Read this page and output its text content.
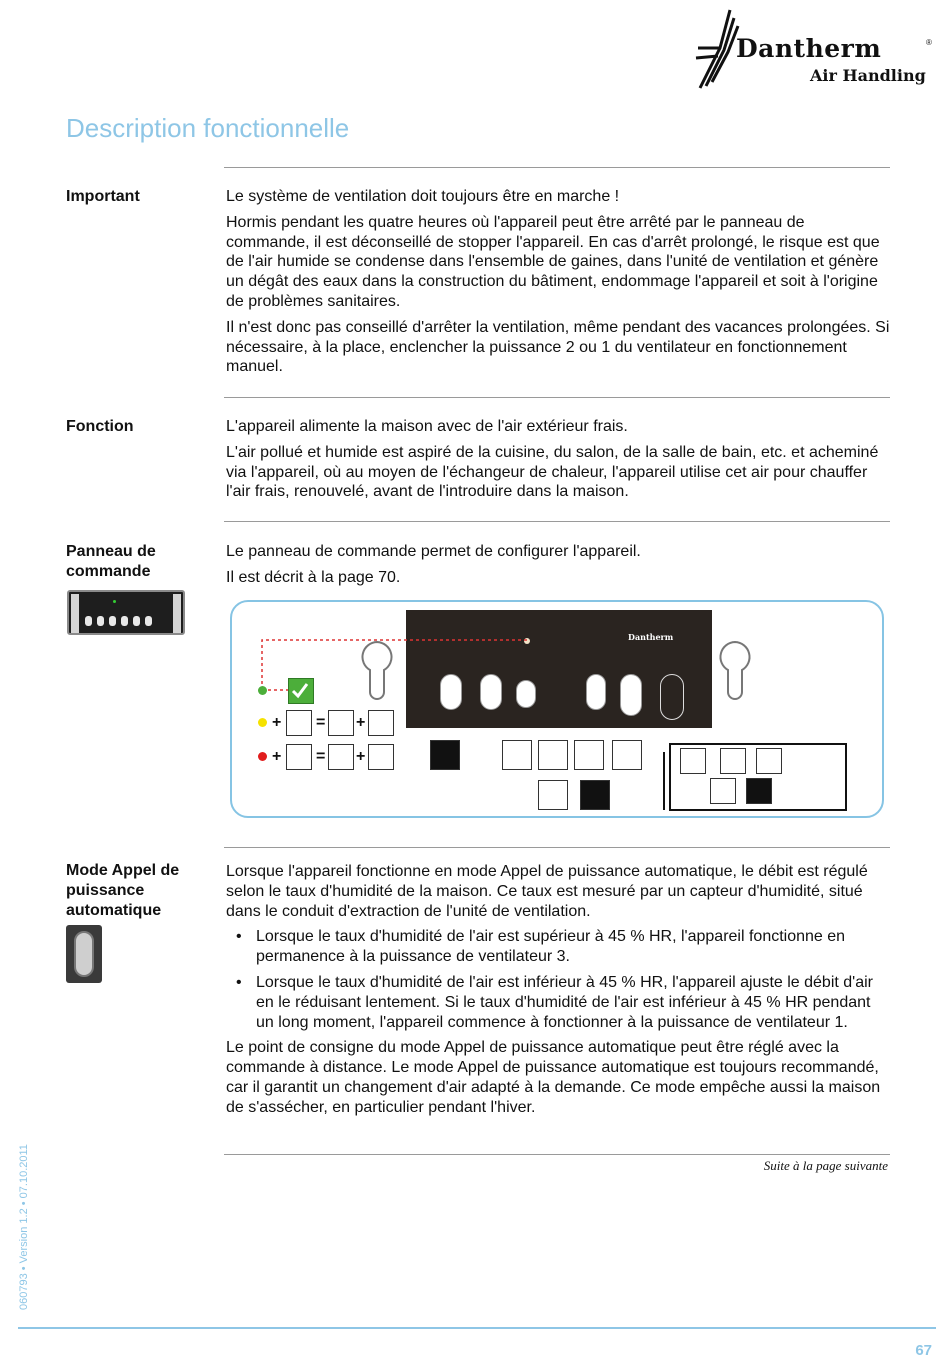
Dantherm	®
Air Handling
Description fonctionnelle
Important	Le système de ventilation doit toujours être en marche !

Hormis pendant les quatre heures où l'appareil peut être arrêté par le panneau de commande, il est déconseillé de stopper l'appareil. En cas d'arrêt prolongé, le risque est que de l'air humide se condense dans l'ensemble de gaines, dans l'unité de ventilation et génère un dégât des eaux dans la construction du bâtiment, endommage l'appareil et soit à l'origine de problèmes sanitaires.

Il n'est donc pas conseillé d'arrêter la ventilation, même pendant des vacances prolongées. Si nécessaire, à la place, enclencher la puissance 2 ou 1 du ventilateur en fonctionnement manuel.

Fonction	L'appareil alimente la maison avec de l'air extérieur frais.

L'air pollué et humide est aspiré de la cuisine, du salon, de la salle de bain, etc. et acheminé via l'appareil, où au moyen de l'échangeur de chaleur, l'appareil utilise cet air pour chauffer l'air frais, renouvelé, avant de l'introduire dans la maison.

Panneau de commande

Le panneau de commande permet de configurer l'appareil.

Il est décrit à la page 70.

Dantherm
+ = +
+ = +
Mode Appel de puissance automatique

Lorsque l'appareil fonctionne en mode Appel de puissance automatique, le débit est régulé selon le taux d'humidité de la maison. Ce taux est mesuré par un capteur d'humidité, situé dans le conduit d'extraction de l'unité de ventilation.

• Lorsque le taux d'humidité de l'air est supérieur à 45 % HR, l'appareil fonctionne en permanence à la puissance de ventilateur 3.
• Lorsque le taux d'humidité de l'air est inférieur à 45 % HR, l'appareil ajuste le débit d'air en le réduisant lentement. Si le taux d'humidité de l'air est inférieur à 45 % HR pendant un long moment, l'appareil commence à fonctionner à la puissance de ventilateur 1.

Le point de consigne du mode Appel de puissance automatique peut être réglé avec la commande à distance. Le mode Appel de puissance automatique est toujours recommandé, car il garantit un changement d'air adapté à la demande. Ce mode empêche aussi la maison de s'assécher, en particulier pendant l'hiver.

Suite à la page suivante
060793 • Version 1.2 • 07.10.2011
67
